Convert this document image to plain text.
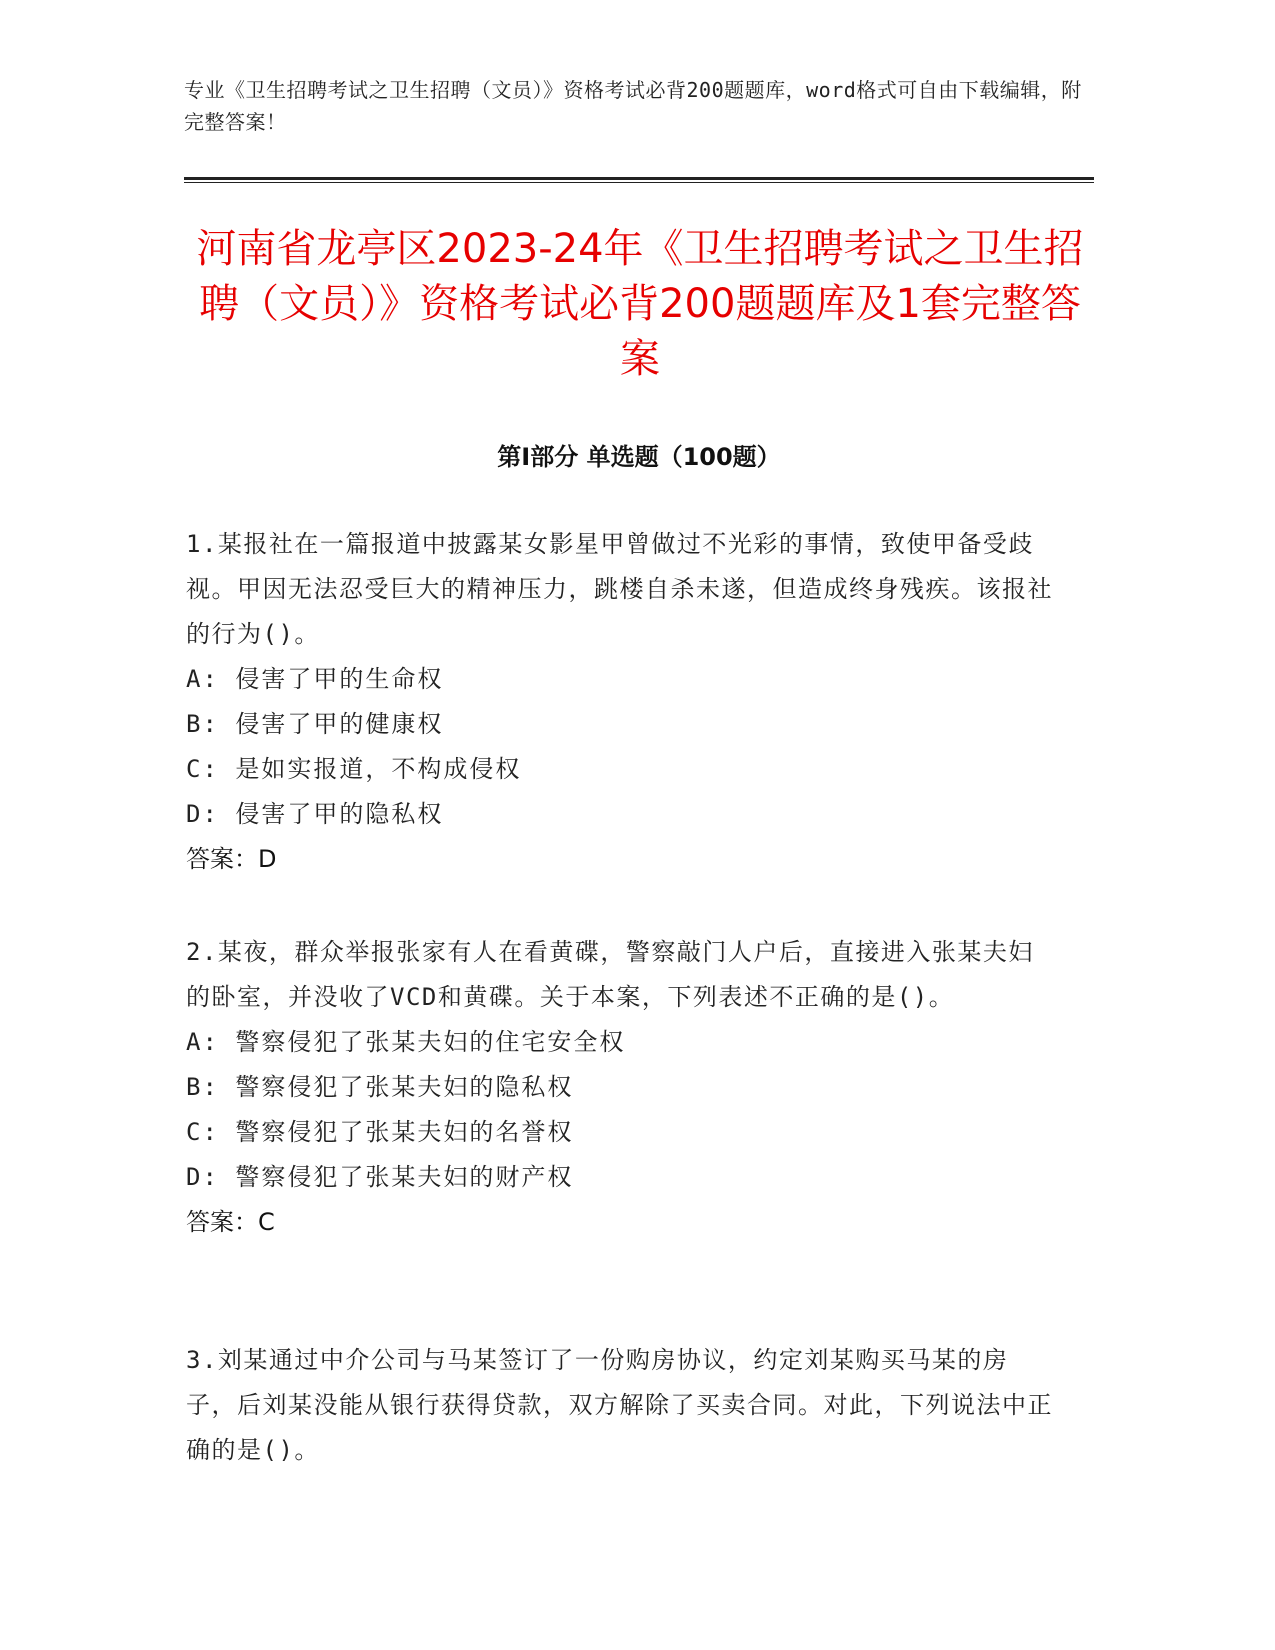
专业《卫生招聘考试之卫生招聘（文员）》资格考试必背200题题库，word格式可自由下载编辑，附完整答案！
河南省龙亭区2023-24年《卫生招聘考试之卫生招聘（文员）》资格考试必背200题题库及1套完整答案
第I部分 单选题（100题）
1.某报社在一篇报道中披露某女影星甲曾做过不光彩的事情，致使甲备受歧视。甲因无法忍受巨大的精神压力，跳楼自杀未遂，但造成终身残疾。该报社的行为()。
A: 侵害了甲的生命权
B: 侵害了甲的健康权
C: 是如实报道，不构成侵权
D: 侵害了甲的隐私权
答案：D
2.某夜，群众举报张家有人在看黄碟，警察敲门人户后，直接进入张某夫妇的卧室，并没收了VCD和黄碟。关于本案，下列表述不正确的是()。
A: 警察侵犯了张某夫妇的住宅安全权
B: 警察侵犯了张某夫妇的隐私权
C: 警察侵犯了张某夫妇的名誉权
D: 警察侵犯了张某夫妇的财产权
答案：C
3.刘某通过中介公司与马某签订了一份购房协议，约定刘某购买马某的房子，后刘某没能从银行获得贷款，双方解除了买卖合同。对此，下列说法中正确的是()。
